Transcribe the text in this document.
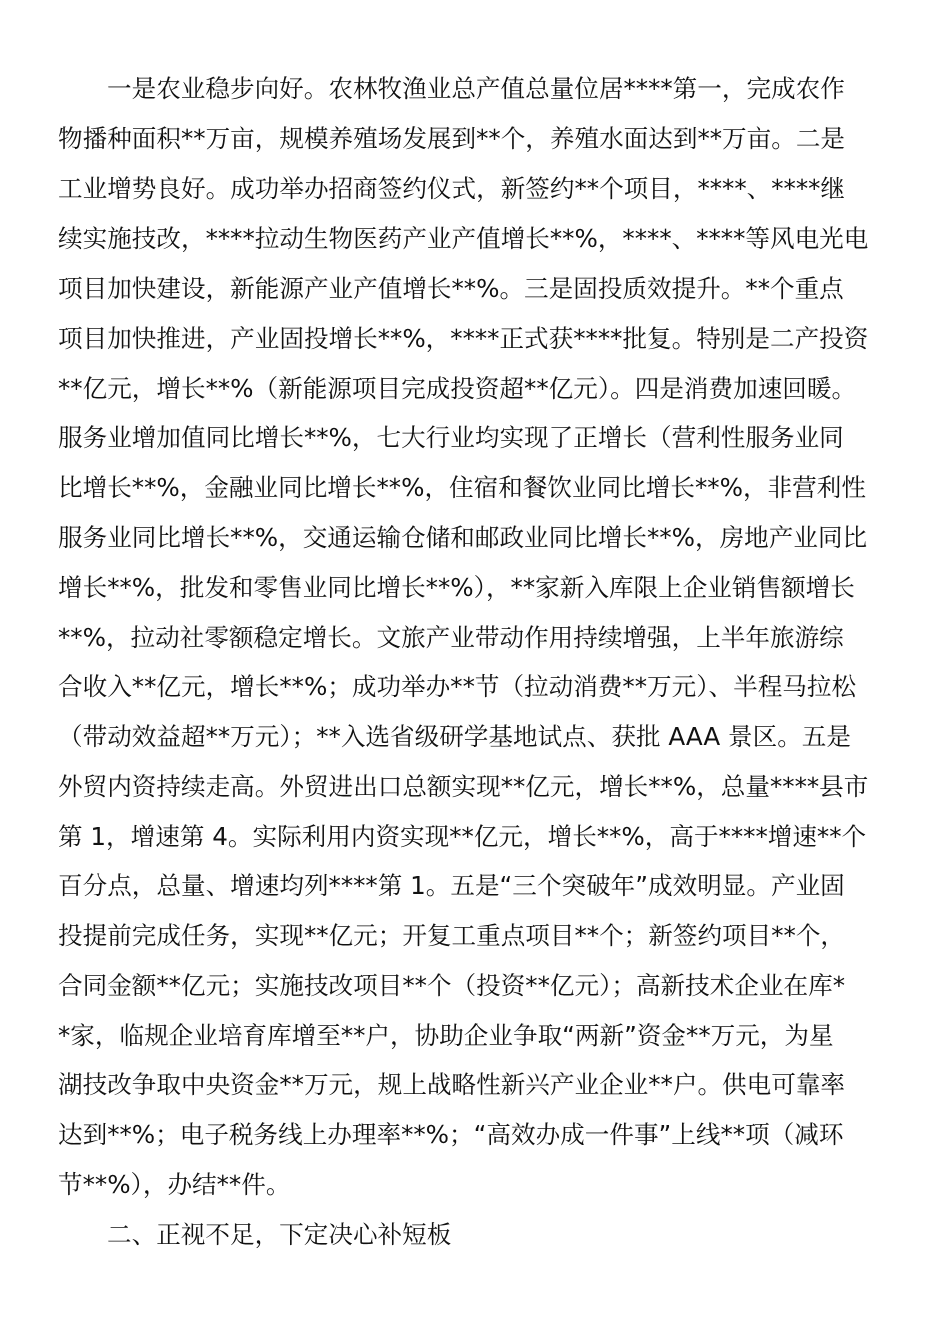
一是农业稳步向好。农林牧渔业总产值总量位居****第一，完成农作
物播种面积**万亩，规模养殖场发展到**个，养殖水面达到**万亩。二是
工业增势良好。成功举办招商签约仪式，新签约**个项目，****、****继
续实施技改，****拉动生物医药产业产值增长**%，****、****等风电光电
项目加快建设，新能源产业产值增长**%。三是固投质效提升。**个重点
项目加快推进，产业固投增长**%，****正式获****批复。特别是二产投资
**亿元，增长**%（新能源项目完成投资超**亿元）。四是消费加速回暖。
服务业增加值同比增长**%，七大行业均实现了正增长（营利性服务业同
比增长**%，金融业同比增长**%，住宿和餐饮业同比增长**%，非营利性
服务业同比增长**%，交通运输仓储和邮政业同比增长**%，房地产业同比
增长**%，批发和零售业同比增长**%），**家新入库限上企业销售额增长
**%，拉动社零额稳定增长。文旅产业带动作用持续增强，上半年旅游综
合收入**亿元，增长**%；成功举办**节（拉动消费**万元）、半程马拉松
（带动效益超**万元）；**入选省级研学基地试点、获批 AAA 景区。五是
外贸内资持续走高。外贸进出口总额实现**亿元，增长**%，总量****县市
第 1，增速第 4。实际利用内资实现**亿元，增长**%，高于****增速**个
百分点，总量、增速均列****第 1。五是“三个突破年”成效明显。产业固
投提前完成任务，实现**亿元；开复工重点项目**个；新签约项目**个，
合同金额**亿元；实施技改项目**个（投资**亿元）；高新技术企业在库*
*家，临规企业培育库增至**户，协助企业争取“两新”资金**万元，为星
湖技改争取中央资金**万元，规上战略性新兴产业企业**户。供电可靠率
达到**%；电子税务线上办理率**%；“高效办成一件事”上线**项（减环
节**%），办结**件。
二、正视不足，下定决心补短板
